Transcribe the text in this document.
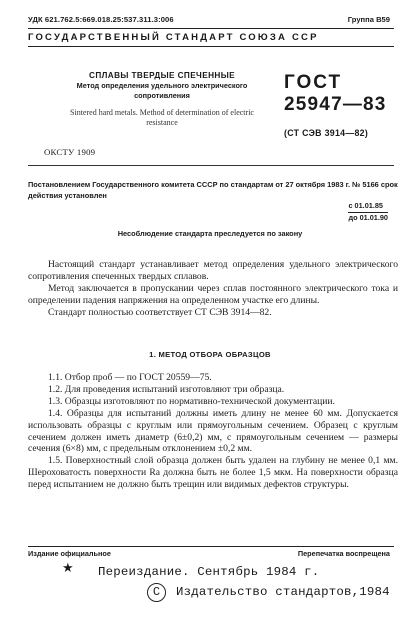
УДК 621.762.5:669.018.25:537.311.3:006	Группа В59
ГОСУДАРСТВЕННЫЙ СТАНДАРТ СОЮЗА ССР
СПЛАВЫ ТВЕРДЫЕ СПЕЧЕННЫЕ
Метод определения удельного электрического сопротивления
Sintered hard metals. Method of determination of electric resistance
ГОСТ
25947—83
(СТ СЭВ 3914—82)
ОКСТУ 1909
Постановлением Государственного комитета СССР по стандартам от 27 октября 1983 г. № 5166 срок действия установлен
с 01.01.85
до 01.01.90
Несоблюдение стандарта преследуется по закону

Настоящий стандарт устанавливает метод определения удельного электрического сопротивления спеченных твердых сплавов.

Метод заключается в пропускании через сплав постоянного электрического тока и определении падения напряжения на определенном участке его длины.

Стандарт полностью соответствует СТ СЭВ 3914—82.

1. МЕТОД ОТБОРА ОБРАЗЦОВ

1.1. Отбор проб — по ГОСТ 20559—75.

1.2. Для проведения испытаний изготовляют три образца.

1.3. Образцы изготовляют по нормативно-технической документации.

1.4. Образцы для испытаний должны иметь длину не менее 60 мм. Допускается использовать образцы с круглым или прямоугольным сечением. Образец с круглым сечением должен иметь диаметр (6±0,2) мм, с прямоугольным сечением — размеры сечения (6×8) мм, с предельным отклонением ±0,2 мм.

1.5. Поверхностный слой образца должен быть удален на глубину не менее 0,1 мм. Шероховатость поверхности Ra должна быть не более 1,5 мкм. На поверхности образца перед испытанием не должно быть трещин или видимых дефектов структуры.

Издание официальное	Перепечатка воспрещена
★ Переиздание. Сентябрь 1984 г.
C	Издательство стандартов,1984
